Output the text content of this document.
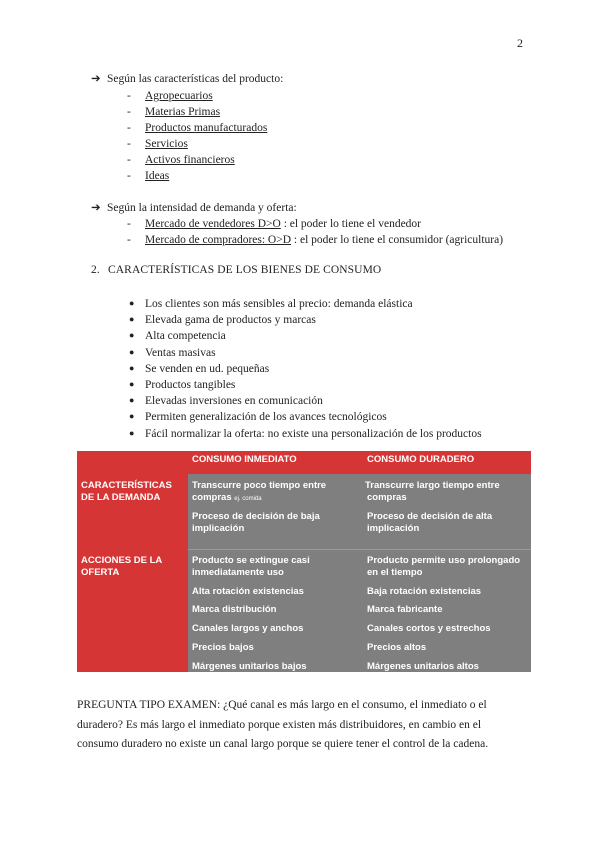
2
➔ Según las características del producto:
- Agropecuarios
- Materias Primas
- Productos manufacturados
- Servicios
- Activos financieros
- Ideas
➔ Según la intensidad de demanda y oferta:
- Mercado de vendedores D>O : el poder lo tiene el vendedor
- Mercado de compradores: O>D : el poder lo tiene el consumidor (agricultura)
2. CARACTERÍSTICAS DE LOS BIENES DE CONSUMO
● Los clientes son más sensibles al precio: demanda elástica
● Elevada gama de productos y marcas
● Alta competencia
● Ventas masivas
● Se venden en ud. pequeñas
● Productos tangibles
● Elevadas inversiones en comunicación
● Permiten generalización de los avances tecnológicos
● Fácil normalizar la oferta: no existe una personalización de los productos
CONSUMO INMEDIATO	CONSUMO DURADERO
CARACTERÍSTICAS
DE LA DEMANDA
ACCIONES DE LA
OFERTA
Transcurre poco tiempo entre
compras ej. comida
Proceso de decisión de baja
implicación
Transcurre largo tiempo entre
compras
Proceso de decisión de alta
implicación
Producto se extingue casi
inmediatamente uso
Alta rotación existencias
Marca distribución
Canales largos y anchos
Precios bajos
Márgenes unitarios bajos
Producto permite uso prolongado
en el tiempo
Baja rotación existencias
Marca fabricante
Canales cortos y estrechos
Precios altos
Márgenes unitarios altos

PREGUNTA TIPO EXAMEN: ¿Qué canal es más largo en el consumo, el inmediato o el

duradero? Es más largo el inmediato porque existen más distribuidores, en cambio en el

consumo duradero no existe un canal largo porque se quiere tener el control de la cadena.
